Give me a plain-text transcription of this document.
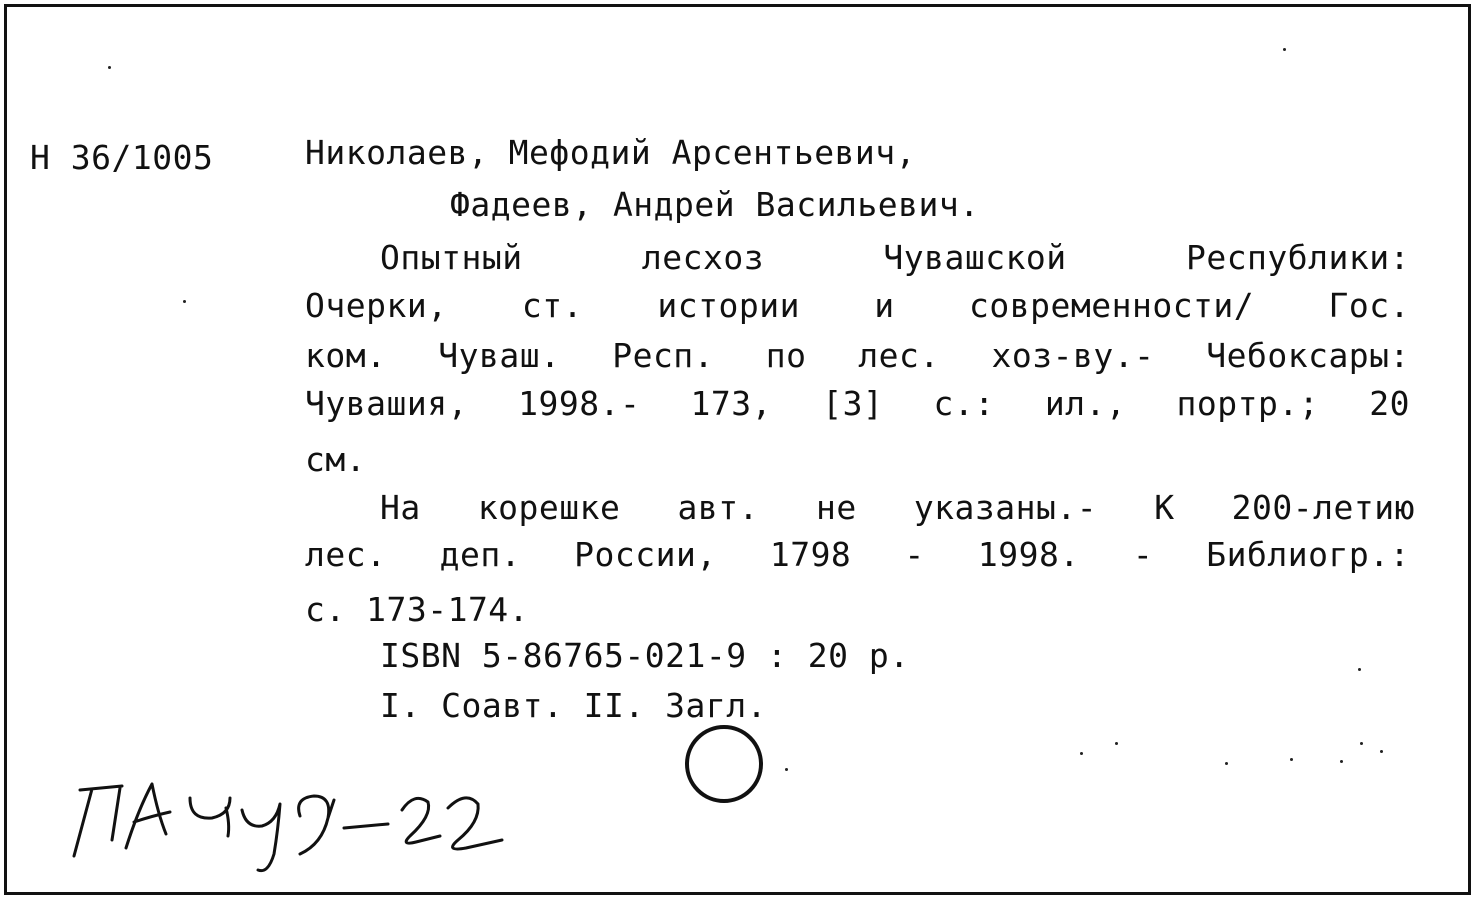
Н 36/1005	Николаев, Мефодий Арсентьевич,
Фадеев, Андрей Васильевич.
Опытный	лесхоз	Чувашской	Республики:
Очерки, ст. истории и современности/ Гос.
ком. Чуваш. Респ. по лес. хоз-ву.- Чебоксары:
Чувашия, 1998.- 173, [3] с.: ил., портр.; 20
см.
На корешке авт. не указаны.- К 200-летию
лес. деп. России, 1798 - 1998. - Библиогр.:
с. 173-174.
ISBN 5-86765-021-9 : 20 р.
I. Соавт. II. Загл.
